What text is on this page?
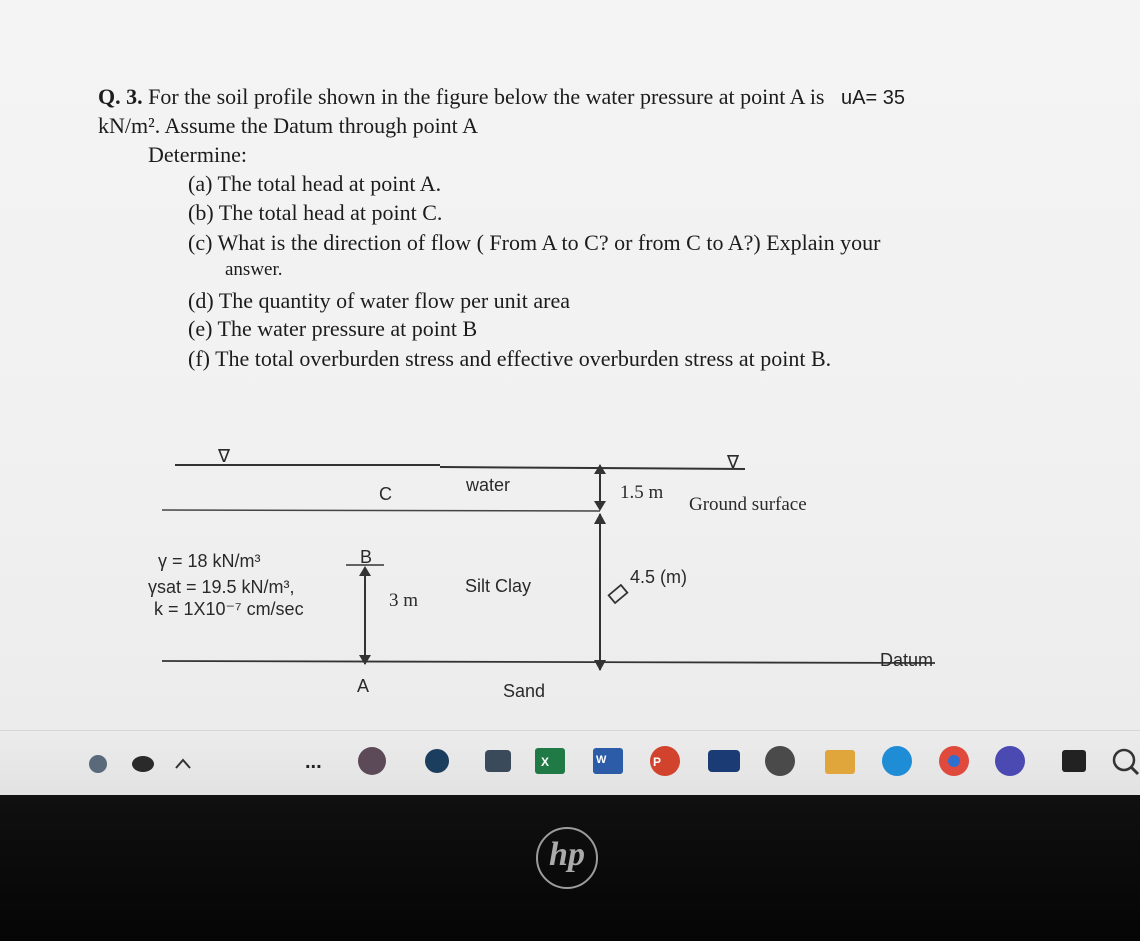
Q. 3. For the soil profile shown in the figure below the water pressure at point A is uA= 35
kN/m². Assume the Datum through point A
Determine:
(a) The total head at point A.
(b) The total head at point C.
(c) What is the direction of flow ( From A to C? or from C to A?) Explain your
answer.
(d) The quantity of water flow per unit area
(e) The water pressure at point B
(f) The total overburden stress and effective overburden stress at point B.
∇	∇
C	water	1.5 m
Ground surface
4.5 (m)
γ = 18 kN/m³
γsat = 19.5 kN/m³,
k = 1X10⁻⁷ cm/sec
B
3 m
Silt Clay
Datum
A	Sand
...	X	W	P
hp
